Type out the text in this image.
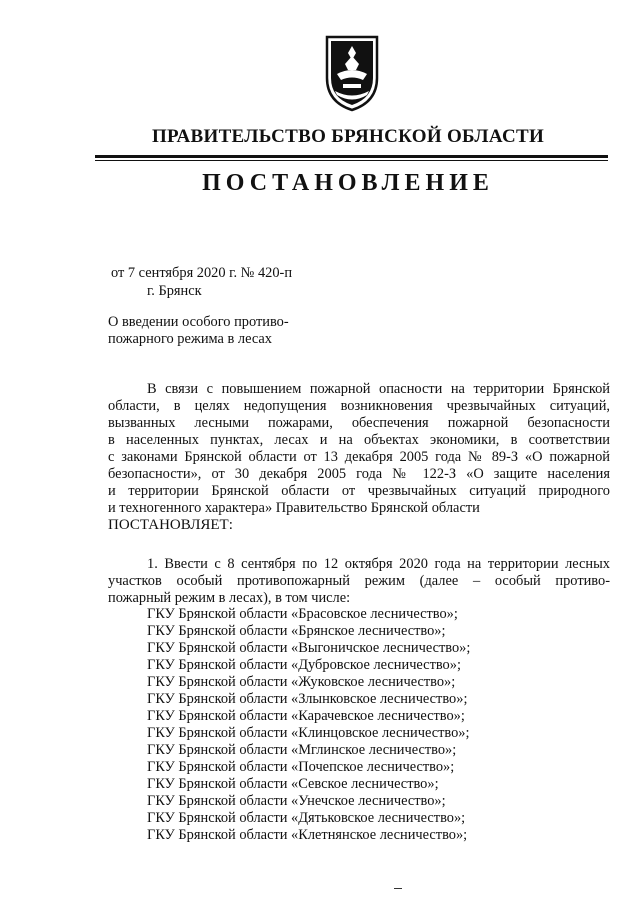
ПРАВИТЕЛЬСТВО БРЯНСКОЙ ОБЛАСТИ
ПОСТАНОВЛЕНИЕ
от 7 сентября 2020 г. № 420-п
г. Брянск
О введении особого противо-
пожарного режима в лесах
В связи с повышением пожарной опасности на территории Брянской
области, в целях недопущения возникновения чрезвычайных ситуаций,
вызванных лесными пожарами, обеспечения пожарной безопасности
в населенных пунктах, лесах и на объектах экономики, в соответствии
с законами Брянской области от 13 декабря 2005 года № 89-З «О пожарной
безопасности», от 30 декабря 2005 года № 122-З «О защите населения
и территории Брянской области от чрезвычайных ситуаций природного
и техногенного характера» Правительство Брянской области
ПОСТАНОВЛЯЕТ:
1. Ввести с 8 сентября по 12 октября 2020 года на территории лесных
участков особый противопожарный режим (далее – особый противо-
пожарный режим в лесах), в том числе:
ГКУ Брянской области «Брасовское лесничество»;
ГКУ Брянской области «Брянское лесничество»;
ГКУ Брянской области «Выгоничское лесничество»;
ГКУ Брянской области «Дубровское лесничество»;
ГКУ Брянской области «Жуковское лесничество»;
ГКУ Брянской области «Злынковское лесничество»;
ГКУ Брянской области «Карачевское лесничество»;
ГКУ Брянской области «Клинцовское лесничество»;
ГКУ Брянской области «Мглинское лесничество»;
ГКУ Брянской области «Почепское лесничество»;
ГКУ Брянской области «Севское лесничество»;
ГКУ Брянской области «Унечское лесничество»;
ГКУ Брянской области «Дятьковское лесничество»;
ГКУ Брянской области «Клетнянское лесничество»;
